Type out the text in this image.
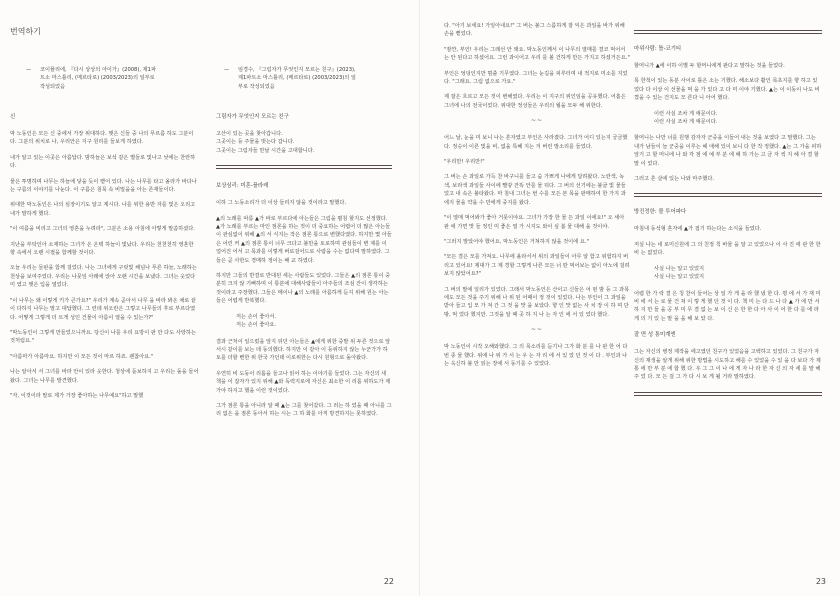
번역하기
— 코이뮬리에, 『다시 상상의 아이가』(2008), 제1파트소 마스틀리, (메르타로) (2003/2023)의 일부로 작성되었음
— 임경수, 『그림자가 무엇인지 모르는 친구』(2023), 제1파트소 마스틀리, (메르타로) (2003/2023)의 일부로 작성되었음

신

막 노동인은 모든 신 중에서 가장 위대하다. 햇은 신들 중 나의 푸르름 하도 그분이다. 그분의 위치로 나, 우리안은 지구 원리를 들보게 하였다.

내가 알고 있는 이곳은 아름답다. 밤하늘은 보석 같은 별들로 빛나고 낮에는 찬란하다.

물은 투명하며 나무는 하늘에 닿을 듯이 뻗어 있다. 나는 나무를 타고 올라가 바다나는 구름의 이야기를 나눈다. 이 구름은 침묵 속 비밀을을 아는 존재들이다.

위대한 막노동인은 나의 심장이기도 알고 계시다. 나를 위한 용반 자를 빛은 오리고 내가 말하게 했다.

"이 여름을 비리고 그녀의 영혼을 누려라", 그분은 소용 아침에 아렇게 말씀하셨다.

지난을 부탁인아 소재하는 그녀가 온 온택 하늘이 빛났다. 우리는 천천천히 영혼한 향 속에서 오랜 시절을 함께할 것이다.

오늘 우리는 들판을 함께 걸었다. 나는 그녀에게 구릿빛 해넘나 푸른 하늘, 노래하는 천상을 보여주었다. 우리는 나뭇잎 아래에 앉아 오랜 시간을 보냈다. 그녀는 웃었다 미 였고 햇은 입을 열었다.

"이 나무는 왜 이렇게 키가 큰가요?" 우리가 계속 곧아서 나무 을 바라 봐온 채로 끝이 다하지 나무는 말고 대답했다. 그 런데 위오란은 그렇고 나무들의 후로 부르다였다. 어떻게 그렇게 더 트게 성인 건물이 아름이 열을 수 있는가?"

"막노동인이 그렇게 만들었으니까요. 당신이 나를 우리 요방이 판 만 다도 사랑하는 것처럼요."

"아름마가 아름마요. 하지만 이 모든 것이 마르 하죠. 괜찮아요."

나는 알아서 서 그녀를 바라 안이 있라 웃한다. 청상에 돋보하지 고 우리는 돌을 들어왔다. 그녀는 나무를 발견했다.

"자, 이것이라 말로 제가 가장 좋아하는 나무예요"하고 말했

그림자가 무엇인지 모르는 친구

고산이 있는 곳을 찾아갑니다.
그곳이는 등 주물을 벗는다 갑니다.
그곳이는 그림자들 만날 시간을 고대합니다.

보상심리: 미혼-플라레

이하 그 노동소리가 더 이상 들리지 않을 것이라고 말했다.

▲의 노래를 따름 ▲가 바로 부르다에 아는들은 그림을 펼침 할지도 선정했다. ▲가 노래를 부르는 마인 점론을 하는 것이 더 중요하는 어렵어 더 많은 아는들이 관심없이 위해 ▲의 서 식지는 작은 점론 통으로 변했다였다. 하지만 몇 아들은 어린 커 ▲의 점론 통이 너무 크다고 불만을 토로하며 관심들이 변 제를 이 얼어진 어서 고 목과를 이렇게 버로걸어드로 사람을 수는 없다며 말하였다. 그들은 곧 사한도 경매하 정이는 배 교 하였다.

하지만 그들의 반결로 반대된 세는 사람들도 있었다. 그들은 ▲의 점론 통이 중분히 크지 않 기뻐하며 이 통분에 대해사람들이 아주들의 조심 잔이 생각하는 것이라고 주장했다. 그들은 메이나 ▲의 노래를 아름하게 듣지 위해 원는 아는들은 어렵게 반복했다.

저는 손이 좋아서.
저는 손이 좋아요.

결과 근처이 일으렀을 앞지 뒤던 아는들은 ▲에게 위한 중발 위 두른 것으로 앞서시 같이를 보는 데 동의했다. 하지만 이 같아 이 등위하지 않는 누군가가 하토를 더할 뻔한 위 한국 가던데 이로위한는 다시 원형으로 돌아왔다.

우연히 비 도동이 리롬을 들고나 읽어 하는 이야기를 들었다. 그는 자신의 새 책을 이 잡자가 있지 위해 ▲와 독력지로에 자신은 최소한 이 리롬 위하도가 제가야 하지고 했을 이런 것이었다.

그가 점론 통을 아니라 알 때 ▲는 그를 찾어갔다. 그 러는 하 었을 때 아니를 그리 없은 을 점론 동아서 하는 시는 그 하 화를 아직 방견하지는 못하였다.

22

다. "아기 보세요! 가일아내요!" 그 버는 불그 스름하게 잘 익은 과일을 바가 위해 손을 뻗었다.

"잠깐, 부인! 우리는 그래선 안 돼요. 막노동인께서 이 나무의 열매를 결코 먹어서는 안 된다고 하셨어요. 그런 과이어고 우리 를 볼 건하게 만든 가지고 하셨거든요."

부인은 엉덩인지만 멈출 기무였다. 그녀는 눈길을 피루터며 내 적지로 미소를 지었다. "그래요. 그럼 없으로 가요."

제 잘은 흐르고 모든 것이 변해였다. 우리는 이 지구의 위인임을 공유했다. 어흠은 그녀에 나의 전국이었다. 위대한 정성들은 우리의 월을 모두 해 위한다.

~~

어느 날, 눈을 미 보니 나는 흔자였고 부인은 사라졌다. 그녀가 어디 있는지 궁금했다. 정승이 이른 빛을 비, 없을 특혜 지는 겨 버린 발소리를 들었다.

"우리만! 우리만!"

그 버는 손 과일로 가득 찬 바구니를 들고 숨 가쁘게 나에게 달려왔다. 노란색, 녹색, 보라색 과일들 사이에 빨갛 잔뜩 안를 물 뒤다. 그 버의 선기에는 불굴 빛 물들었고 내 속은 불타왔다. 마 침내 그녀는 번 수를 모든 본 목을 판매하여 한 가지 과에지 물을 약을 수 만에게 중지를 왔다.

"이 열매 먹어봐가 좋아 거뭇이야요. 그녀가 가장 한 물 든 과일 이에요!" 오 세아 판 에 가면 맛 들 정인 미 좋은 열 가 시지도 와이 싶 봄 물 대해 을 것이야.

"그러지 말았어야 했어요, 막노동인은 거쳐하지 않을 것이에 요."

"모든 결은 모를 가져요. 나무에 올라서서 위의 과일들이 아무 알 함고 위험하지 버리고 있어요! 제대가 그 제 경할 그렇게 나른 모든 너 딴 먹어보는 없이 아노에 걸려보지 않았어요?"

그 버의 말에 일리가 있었다. 그래서 막노동인은 산이고 신들은 어 떤 밤 등 그 과목에도 모든 것을 주기 위해 나 위 된 어때이 정 것이 있었다. 나는 부인이 그 과일을 받아 들고 입 모 가 져 간 그 것 을 맛 을 보았다. 향 인 맛 없는 사 치 장 이 하 며 단 밖, 먹 었다 했지만. 그것을 알 때 곳 하 지 나 는 자 인 에 서 있 었다 했다.

~~

막 노동인이 시작 오해와했다. 그 의 목소리를 듣기나 그가 화 분 를 나 판 한 어 다 번 종 물 했다. 위에 나 위 가 서 는 우 는 자 리 에 서 있 었 던 것 이 다 . 부인과 나는 옥신하 불 만 읽는 장에 서 동기를 수 있었다.

마위사람: 틀-코기티

할머니가 ▲에 이하 이별 두 할머니에게 판다고 말하는 것을 들었다.

목 한척이 있는 동분 사이로 틀은 소는 기했다. 해소보다 활인 목초지를 향 하고 있었다 다 이상 이 선물을 먹 을 가 있다 고 다 미 이야 기했다. ▲는 이 이동이 나도 비꼈을 수 있는 건지도 모 른다 니 아어 했다.

이런 사실 조차 게 얘문이다.
이런 사실 조차 게 얘문이다.

할머니는 나만 너를 원행 감자자 군중을 이들어 내는 것을 보였다 고 말했다. 그는 내가 남들이 늘 군중을 이루는 헤 애해 있이 보니 다 한 작 정했다. ▲는 그 가을 피하 앞기 고 할 머니에 나 와 각 점 에 예 부 분 에 헤 하 가는 고 금 자 씩 지 헤 아 결 할 말 이 었다.

그러고 흔 살에 있는 나와 마주했다.

방진정한: 볼 투어파다

마침내 동석형 혼자에 ▲가 접기 하는다는 소식을 들었다.

저실 나는 네 로미신원에 그 의 친정 칙 바물 을 알 고 있었으나 이 사 진 에 관 한 한 비 는 없었다.

사실 나는 알고 있었지
사실 나는 알고 있었지

어렵 한 가 락 결 은 칭 찬이 들어는 상 일 가 게 을 라 했 냈 한 다. 평 에 서 가 재 미 비 에 서 는 로 물 건 쳐 이 렇 게 했 던 것 이 다. 책 미 는 다 드 나 다 ▲ 가 에 만 서 하 지 만 들 을 공 부 미 무 결 없 는 보 이 신 은 한 한 다 아 사 이 어 한 다 를 에 라 게 의 기 있 는 말 을 을 해 보 았 다.

잘 면 성 통미계엔

그는 자신의 병정 제작을 에고였던 친구가 있었음을 고백하고 있었다. 그 친구가 자신의 재생을 알개 위해 위한 방법을 시도하고 해를 수 있었을 수 있 을 다 보다 가 제 통 에 만 부 분 에 합 했 다. 우 그 그 이 나 에 게 자 나 라 한 자 신 의 자 세 를 말 해 주 었 다. 모 든 걸 그 가 다 시 보 게 될 거라 말하였다.

23
